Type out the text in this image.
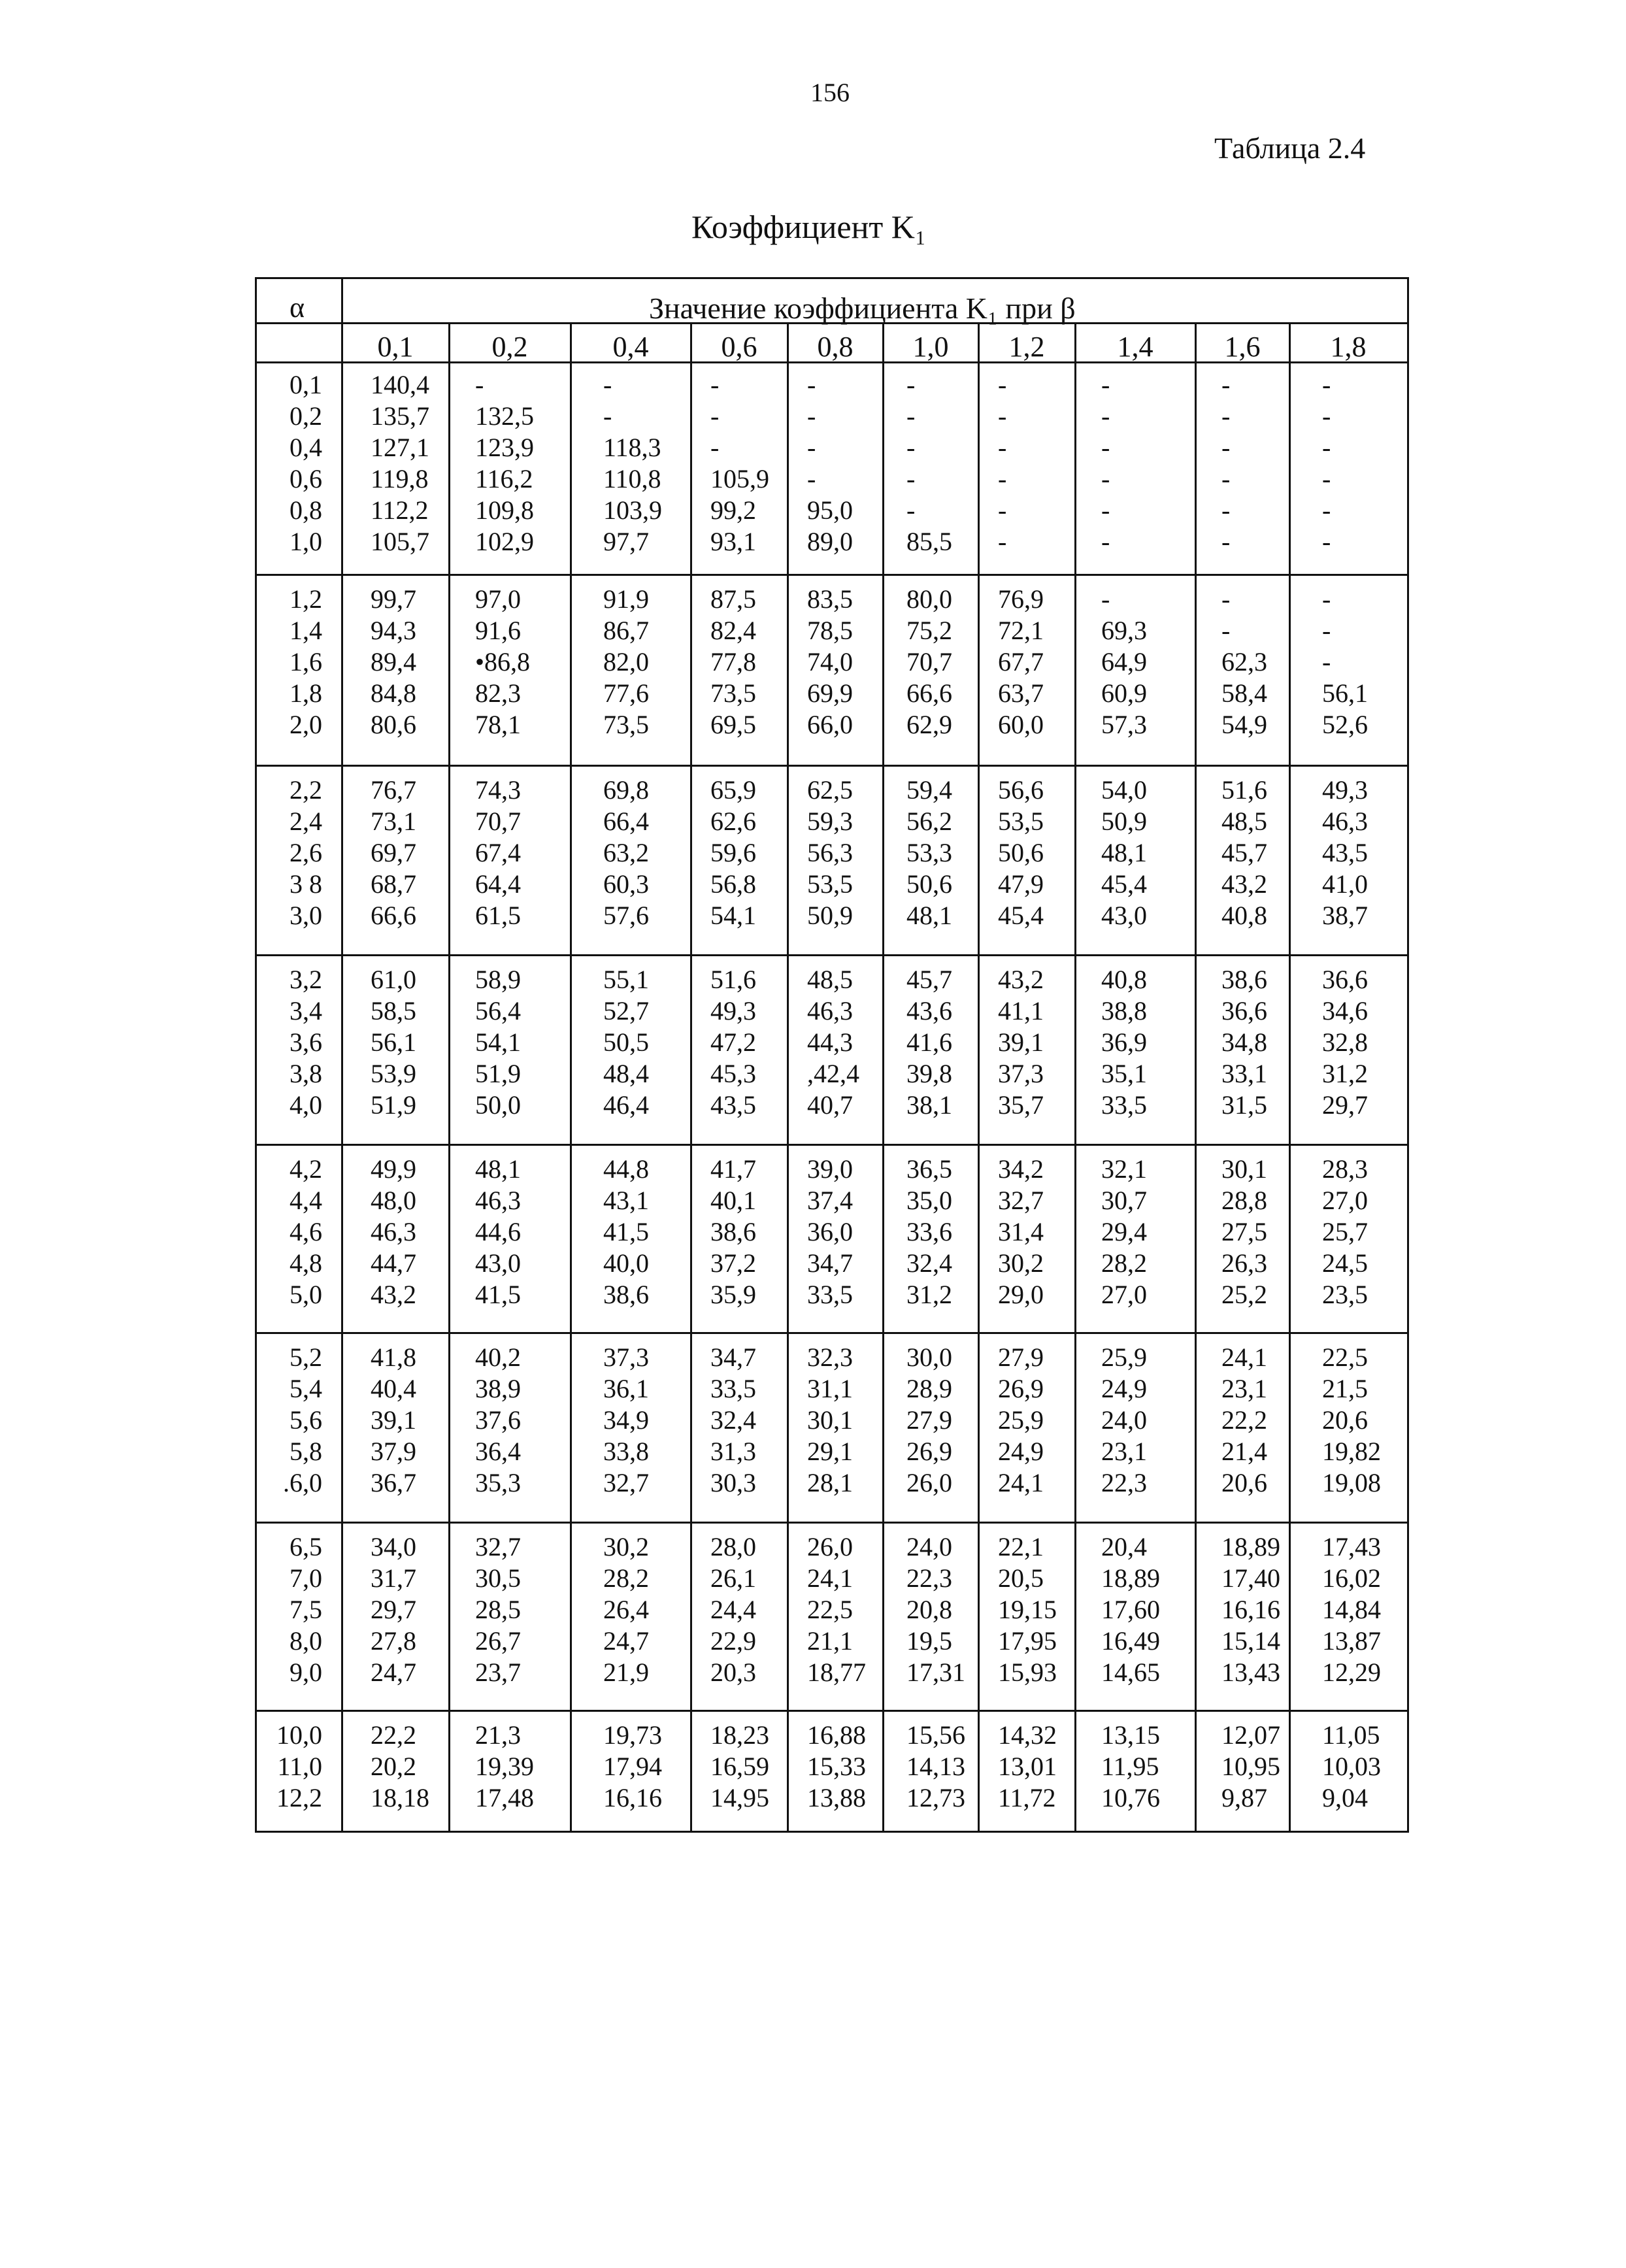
156
Таблица 2.4
Коэффициент K₁
α	Значение коэффициента K₁ при β
0,1	0,2	0,4	0,6	0,8	1,0	1,2	1,4	1,6	1,8
0,1 140,4 -	-	-	-	-	-	-	-	-
0,2 135,7 132,5	-	-	-	-	-	-	-	-
0,4 127,1 123,9	118,3 -	-	-	-	-	-	-
0,6 119,8 116,2	110,8 105,9 -	-	-	-	-	-
0,8 112,2 109,8	103,9 99,2 95,0 -	-	-	-	-
1,0 105,7 102,9	97,7 93,1 89,0 85,5 -	-	-	-
1,2 99,7 97,0	91,9 87,5 83,5 80,0 76,9 -	-	-
1,4 94,3 91,6	86,7 82,4 78,5 75,2 72,1 69,3	-	-
1,6 89,4 •86,8	82,0 77,8 74,0 70,7 67,7 64,9	62,3 -
1,8 84,8 82,3	77,6 73,5 69,9 66,6 63,7 60,9	58,4 56,1
2,0 80,6 78,1	73,5 69,5 66,0 62,9 60,0 57,3	54,9 52,6
2,2 76,7 74,3	69,8 65,9 62,5 59,4 56,6 54,0	51,6 49,3
2,4 73,1 70,7	66,4 62,6 59,3 56,2 53,5 50,9	48,5 46,3
2,6 69,7 67,4	63,2 59,6 56,3 53,3 50,6 48,1	45,7 43,5
3 8 68,7 64,4	60,3 56,8 53,5 50,6 47,9 45,4	43,2 41,0
3,0 66,6 61,5	57,6 54,1 50,9 48,1 45,4 43,0	40,8 38,7
3,2 61,0 58,9	55,1 51,6 48,5 45,7 43,2 40,8	38,6 36,6
3,4 58,5 56,4	52,7 49,3 46,3 43,6 41,1 38,8	36,6 34,6
3,6 56,1 54,1	50,5 47,2 44,3 41,6 39,1 36,9	34,8 32,8
3,8 53,9 51,9	48,4 45,3 ,42,4 39,8 37,3 35,1	33,1 31,2
4,0 51,9 50,0	46,4 43,5 40,7 38,1 35,7 33,5	31,5 29,7
4,2 49,9 48,1	44,8 41,7 39,0 36,5 34,2 32,1	30,1 28,3
4,4 48,0 46,3	43,1 40,1 37,4 35,0 32,7 30,7	28,8 27,0
4,6 46,3 44,6	41,5 38,6 36,0 33,6 31,4 29,4	27,5 25,7
4,8 44,7 43,0	40,0 37,2 34,7 32,4 30,2 28,2	26,3 24,5
5,0 43,2 41,5	38,6 35,9 33,5 31,2 29,0 27,0	25,2 23,5
5,2 41,8 40,2	37,3 34,7 32,3 30,0 27,9 25,9	24,1 22,5
5,4 40,4 38,9	36,1 33,5 31,1 28,9 26,9 24,9	23,1 21,5
5,6 39,1 37,6	34,9 32,4 30,1 27,9 25,9 24,0	22,2 20,6
5,8 37,9 36,4	33,8 31,3 29,1 26,9 24,9 23,1	21,4 19,82
.6,0 36,7 35,3	32,7 30,3 28,1 26,0 24,1 22,3	20,6 19,08
6,5 34,0 32,7	30,2 28,0 26,0 24,0 22,1 20,4	18,89 17,43
7,0 31,7 30,5	28,2 26,1 24,1 22,3 20,5 18,89 17,40 16,02
7,5 29,7 28,5	26,4 24,4 22,5 20,8 19,15 17,60 16,16 14,84
8,0 27,8 26,7	24,7 22,9 21,1 19,5 17,95 16,49 15,14 13,87
9,0 24,7 23,7	21,9 20,3 18,77 17,31 15,93 14,65 13,43 12,29
10,0 22,2 21,3	19,73 18,23 16,88 15,56 14,32 13,15 12,07 11,05
11,0 20,2 19,39	17,94 16,59 15,33 14,13 13,01 11,95 10,95 10,03
12,2 18,18 17,48	16,16 14,95 13,88 12,73 11,72 10,76 9,87 9,04
